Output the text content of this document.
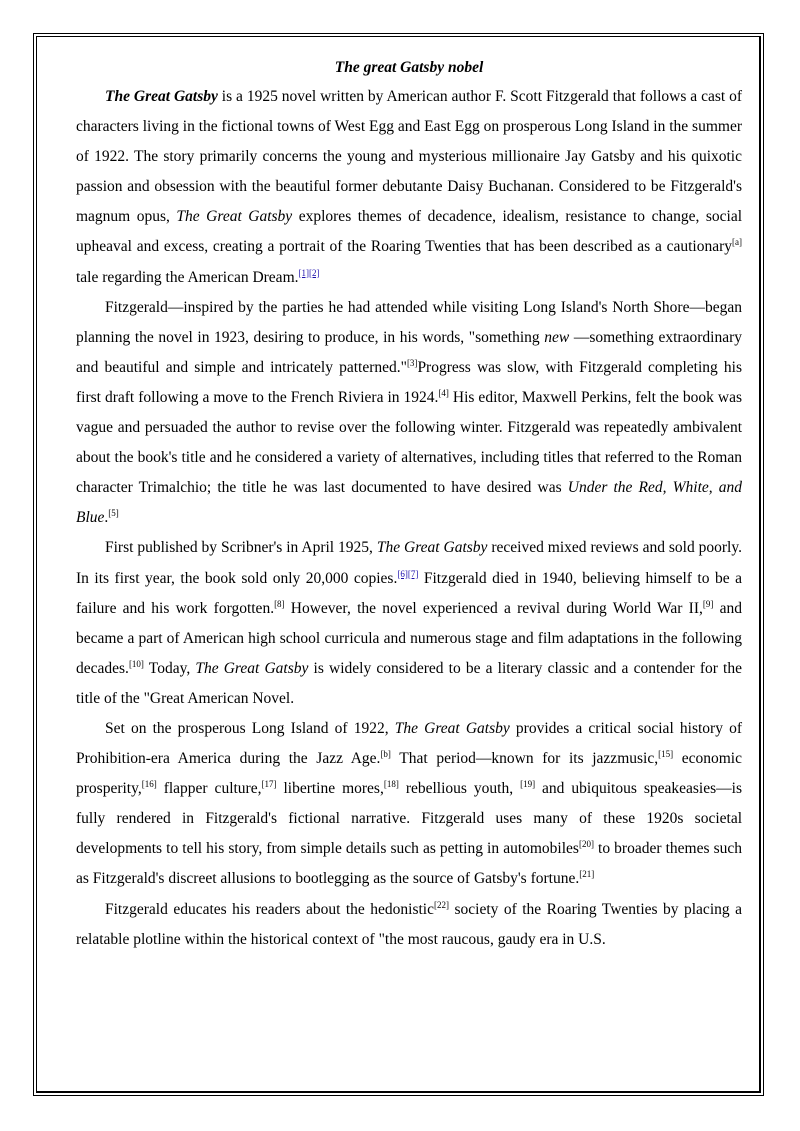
The great Gatsby nobel

The Great Gatsby is a 1925 novel written by American author F. Scott Fitzgerald that follows a cast of characters living in the fictional towns of West Egg and East Egg on prosperous Long Island in the summer of 1922. The story primarily concerns the young and mysterious millionaire Jay Gatsby and his quixotic passion and obsession with the beautiful former debutante Daisy Buchanan. Considered to be Fitzgerald's magnum opus, The Great Gatsby explores themes of decadence, idealism, resistance to change, social upheaval and excess, creating a portrait of the Roaring Twenties that has been described as a cautionary[a] tale regarding the American Dream.[1][2]

Fitzgerald—inspired by the parties he had attended while visiting Long Island's North Shore—began planning the novel in 1923, desiring to produce, in his words, "something new —something extraordinary and beautiful and simple and intricately patterned."[3]Progress was slow, with Fitzgerald completing his first draft following a move to the French Riviera in 1924.[4] His editor, Maxwell Perkins, felt the book was vague and persuaded the author to revise over the following winter. Fitzgerald was repeatedly ambivalent about the book's title and he considered a variety of alternatives, including titles that referred to the Roman character Trimalchio; the title he was last documented to have desired was Under the Red, White, and Blue.[5]

First published by Scribner's in April 1925, The Great Gatsby received mixed reviews and sold poorly. In its first year, the book sold only 20,000 copies.[6][7] Fitzgerald died in 1940, believing himself to be a failure and his work forgotten.[8] However, the novel experienced a revival during World War II,[9] and became a part of American high school curricula and numerous stage and film adaptations in the following decades.[10] Today, The Great Gatsby is widely considered to be a literary classic and a contender for the title of the "Great American Novel.

Set on the prosperous Long Island of 1922, The Great Gatsby provides a critical social history of Prohibition-era America during the Jazz Age.[b] That period—known for its jazzmusic,[15] economic prosperity,[16] flapper culture,[17] libertine mores,[18] rebellious youth, [19] and ubiquitous speakeasies—is fully rendered in Fitzgerald's fictional narrative. Fitzgerald uses many of these 1920s societal developments to tell his story, from simple details such as petting in automobiles[20] to broader themes such as Fitzgerald's discreet allusions to bootlegging as the source of Gatsby's fortune.[21]

Fitzgerald educates his readers about the hedonistic[22] society of the Roaring Twenties by placing a relatable plotline within the historical context of "the most raucous, gaudy era in U.S.
